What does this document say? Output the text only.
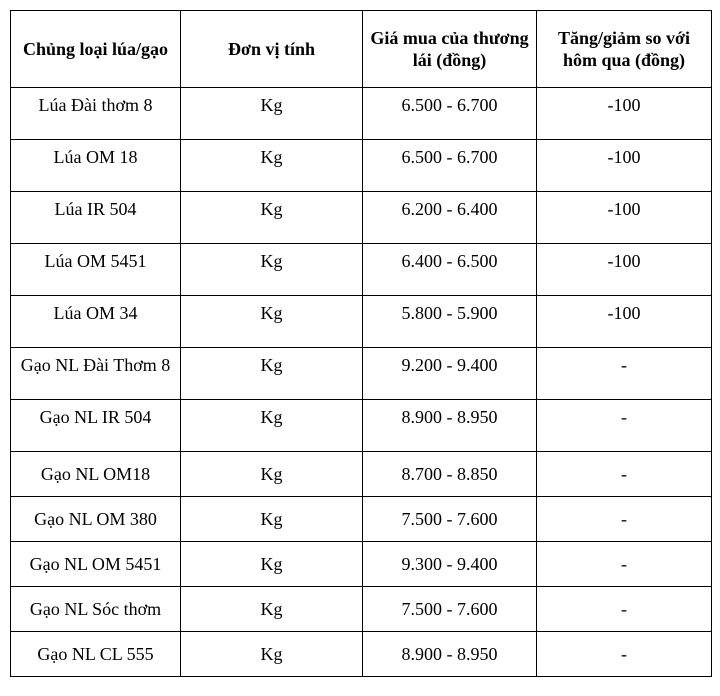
Chủng loại lúa/gạo	Đơn vị tính	Giá mua của thương lái (đồng)	Tăng/giảm so với hôm qua (đồng)
Lúa Đài thơm 8	Kg	6.500 - 6.700	-100
Lúa OM 18	Kg	6.500 - 6.700	-100
Lúa IR 504	Kg	6.200 - 6.400	-100
Lúa OM 5451	Kg	6.400 - 6.500	-100
Lúa OM 34	Kg	5.800 - 5.900	-100
Gạo NL Đài Thơm 8	Kg	9.200 - 9.400	-
Gạo NL IR 504	Kg	8.900 - 8.950	-
Gạo NL OM18	Kg	8.700 - 8.850	-
Gạo NL OM 380	Kg	7.500 - 7.600	-
Gạo NL OM 5451	Kg	9.300 - 9.400	-
Gạo NL Sóc thơm	Kg	7.500 - 7.600	-
Gạo NL CL 555	Kg	8.900 - 8.950	-
